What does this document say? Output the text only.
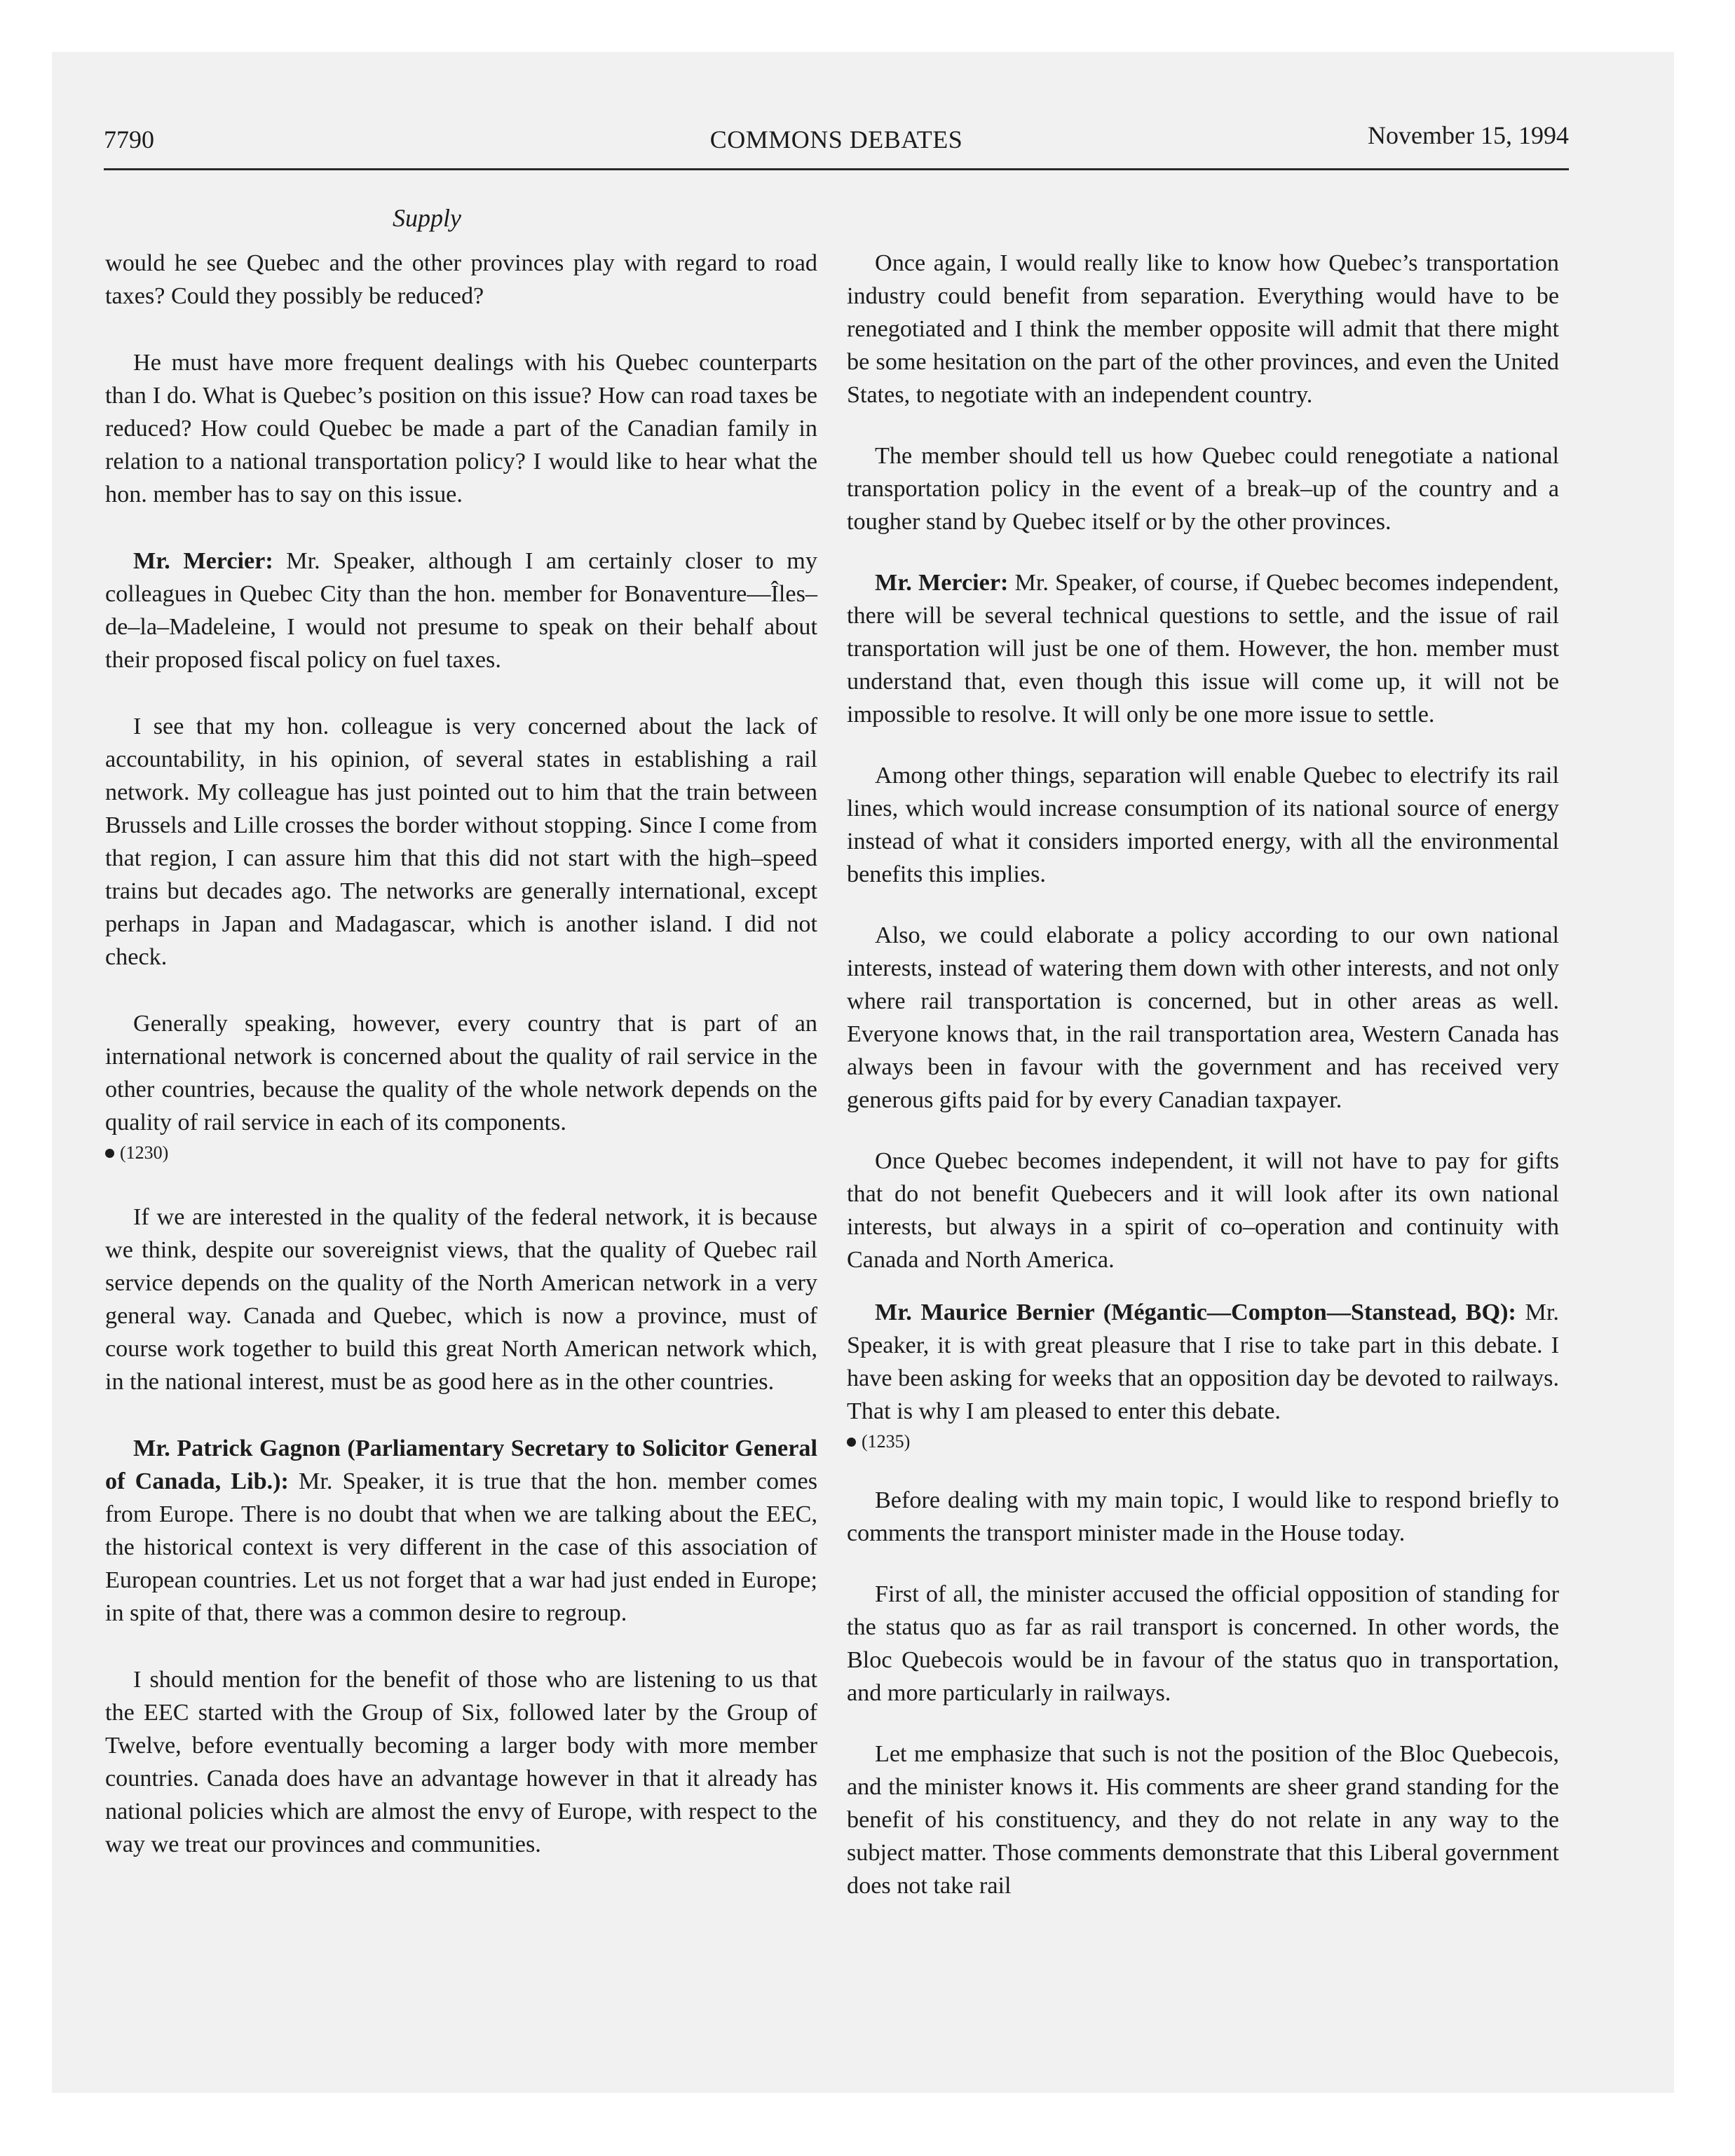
7790	COMMONS DEBATES	November 15, 1994
Supply

would he see Quebec and the other provinces play with regard to road taxes? Could they possibly be reduced?

He must have more frequent dealings with his Quebec counterparts than I do. What is Quebec’s position on this issue? How can road taxes be reduced? How could Quebec be made a part of the Canadian family in relation to a national transportation policy? I would like to hear what the hon. member has to say on this issue.

Mr. Mercier: Mr. Speaker, although I am certainly closer to my colleagues in Quebec City than the hon. member for Bonaventure—Îles–de–la–Madeleine, I would not presume to speak on their behalf about their proposed fiscal policy on fuel taxes.

I see that my hon. colleague is very concerned about the lack of accountability, in his opinion, of several states in establishing a rail network. My colleague has just pointed out to him that the train between Brussels and Lille crosses the border without stopping. Since I come from that region, I can assure him that this did not start with the high–speed trains but decades ago. The networks are generally international, except perhaps in Japan and Madagascar, which is another island. I did not check.

Generally speaking, however, every country that is part of an international network is concerned about the quality of rail service in the other countries, because the quality of the whole network depends on the quality of rail service in each of its components.

(1230)

If we are interested in the quality of the federal network, it is because we think, despite our sovereignist views, that the quality of Quebec rail service depends on the quality of the North American network in a very general way. Canada and Quebec, which is now a province, must of course work together to build this great North American network which, in the national interest, must be as good here as in the other countries.

Mr. Patrick Gagnon (Parliamentary Secretary to Solicitor General of Canada, Lib.): Mr. Speaker, it is true that the hon. member comes from Europe. There is no doubt that when we are talking about the EEC, the historical context is very different in the case of this association of European countries. Let us not forget that a war had just ended in Europe; in spite of that, there was a common desire to regroup.

I should mention for the benefit of those who are listening to us that the EEC started with the Group of Six, followed later by the Group of Twelve, before eventually becoming a larger body with more member countries. Canada does have an advantage however in that it already has national policies which are almost the envy of Europe, with respect to the way we treat our provinces and communities.

Once again, I would really like to know how Quebec’s transportation industry could benefit from separation. Everything would have to be renegotiated and I think the member opposite will admit that there might be some hesitation on the part of the other provinces, and even the United States, to negotiate with an independent country.

The member should tell us how Quebec could renegotiate a national transportation policy in the event of a break–up of the country and a tougher stand by Quebec itself or by the other provinces.

Mr. Mercier: Mr. Speaker, of course, if Quebec becomes independent, there will be several technical questions to settle, and the issue of rail transportation will just be one of them. However, the hon. member must understand that, even though this issue will come up, it will not be impossible to resolve. It will only be one more issue to settle.

Among other things, separation will enable Quebec to electrify its rail lines, which would increase consumption of its national source of energy instead of what it considers imported energy, with all the environmental benefits this implies.

Also, we could elaborate a policy according to our own national interests, instead of watering them down with other interests, and not only where rail transportation is concerned, but in other areas as well. Everyone knows that, in the rail transportation area, Western Canada has always been in favour with the government and has received very generous gifts paid for by every Canadian taxpayer.

Once Quebec becomes independent, it will not have to pay for gifts that do not benefit Quebecers and it will look after its own national interests, but always in a spirit of co–operation and continuity with Canada and North America.

Mr. Maurice Bernier (Mégantic—Compton—Stanstead, BQ): Mr. Speaker, it is with great pleasure that I rise to take part in this debate. I have been asking for weeks that an opposition day be devoted to railways. That is why I am pleased to enter this debate.

(1235)

Before dealing with my main topic, I would like to respond briefly to comments the transport minister made in the House today.

First of all, the minister accused the official opposition of standing for the status quo as far as rail transport is concerned. In other words, the Bloc Quebecois would be in favour of the status quo in transportation, and more particularly in railways.

Let me emphasize that such is not the position of the Bloc Quebecois, and the minister knows it. His comments are sheer grand standing for the benefit of his constituency, and they do not relate in any way to the subject matter. Those comments demonstrate that this Liberal government does not take rail
